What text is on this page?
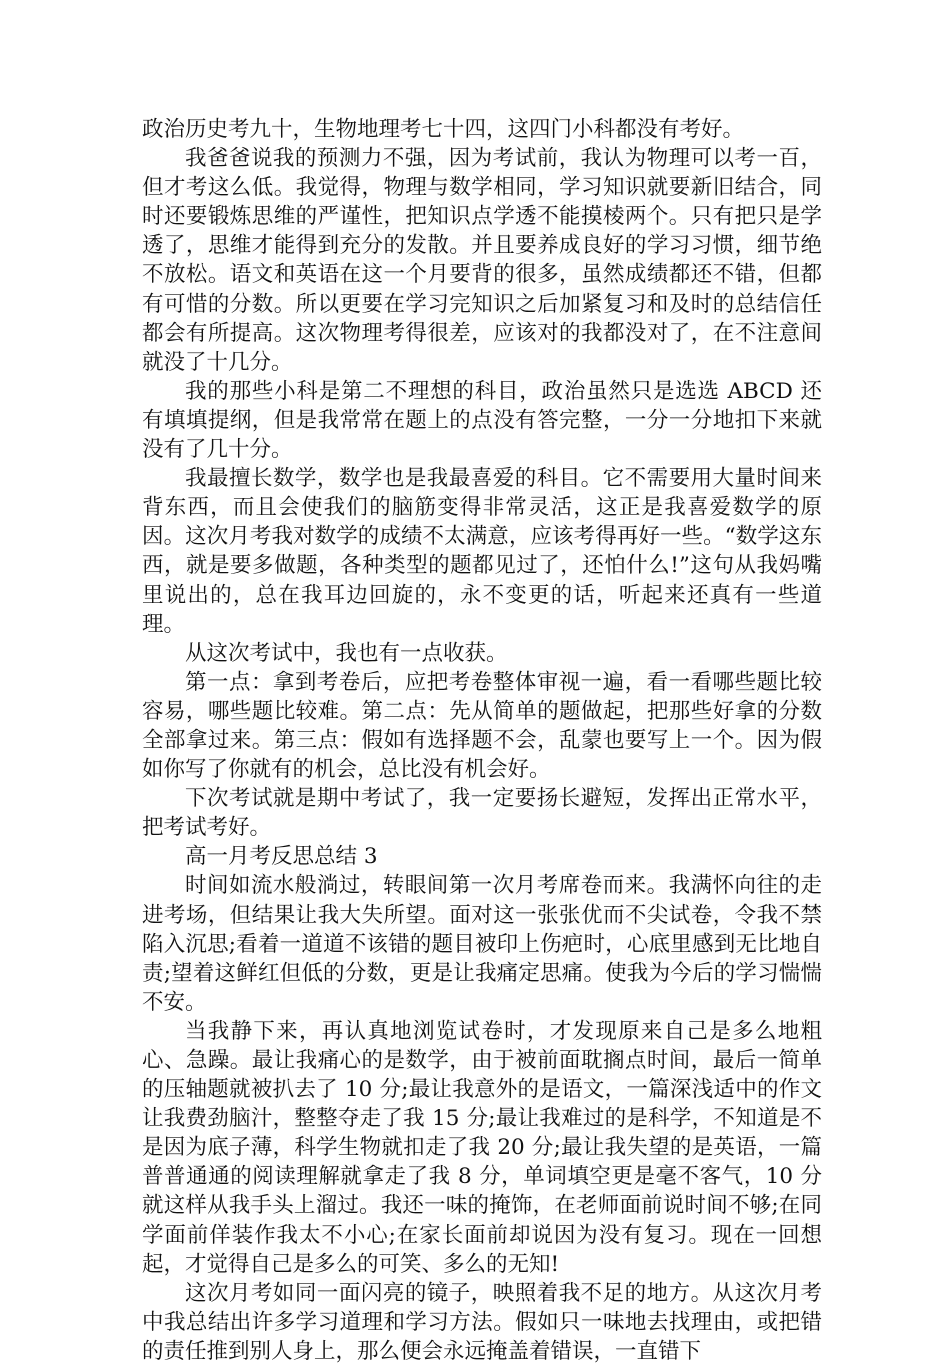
政治历史考九十，生物地理考七十四，这四门小科都没有考好。

我爸爸说我的预测力不强，因为考试前，我认为物理可以考一百，但才考这么低。我觉得，物理与数学相同，学习知识就要新旧结合，同时还要锻炼思维的严谨性，把知识点学透不能摸棱两个。只有把只是学透了，思维才能得到充分的发散。并且要养成良好的学习习惯，细节绝不放松。语文和英语在这一个月要背的很多，虽然成绩都还不错，但都有可惜的分数。所以更要在学习完知识之后加紧复习和及时的总结信任都会有所提高。这次物理考得很差，应该对的我都没对了，在不注意间就没了十几分。

我的那些小科是第二不理想的科目，政治虽然只是选选 ABCD 还有填填提纲，但是我常常在题上的点没有答完整，一分一分地扣下来就没有了几十分。

我最擅长数学，数学也是我最喜爱的科目。它不需要用大量时间来背东西，而且会使我们的脑筋变得非常灵活，这正是我喜爱数学的原因。这次月考我对数学的成绩不太满意，应该考得再好一些。“数学这东西，就是要多做题，各种类型的题都见过了，还怕什么!”这句从我妈嘴里说出的，总在我耳边回旋的，永不变更的话，听起来还真有一些道理。

从这次考试中，我也有一点收获。

第一点：拿到考卷后，应把考卷整体审视一遍，看一看哪些题比较容易，哪些题比较难。第二点：先从简单的题做起，把那些好拿的分数全部拿过来。第三点：假如有选择题不会，乱蒙也要写上一个。因为假如你写了你就有的机会，总比没有机会好。

下次考试就是期中考试了，我一定要扬长避短，发挥出正常水平，把考试考好。

高一月考反思总结 3

时间如流水般淌过，转眼间第一次月考席卷而来。我满怀向往的走进考场，但结果让我大失所望。面对这一张张优而不尖试卷，令我不禁陷入沉思;看着一道道不该错的题目被印上伤疤时，心底里感到无比地自责;望着这鲜红但低的分数，更是让我痛定思痛。使我为今后的学习惴惴不安。

当我静下来，再认真地浏览试卷时，才发现原来自己是多么地粗心、急躁。最让我痛心的是数学，由于被前面耽搁点时间，最后一简单的压轴题就被扒去了 10 分;最让我意外的是语文，一篇深浅适中的作文让我费劲脑汁，整整夺走了我 15 分;最让我难过的是科学，不知道是不是因为底子薄，科学生物就扣走了我 20 分;最让我失望的是英语，一篇普普通通的阅读理解就拿走了我 8 分，单词填空更是毫不客气，10 分就这样从我手头上溜过。我还一味的掩饰，在老师面前说时间不够;在同学面前佯装作我太不小心;在家长面前却说因为没有复习。现在一回想起，才觉得自己是多么的可笑、多么的无知!

这次月考如同一面闪亮的镜子，映照着我不足的地方。从这次月考中我总结出许多学习道理和学习方法。假如只一味地去找理由，或把错的责任推到别人身上，那么便会永远掩盖着错误，一直错下
